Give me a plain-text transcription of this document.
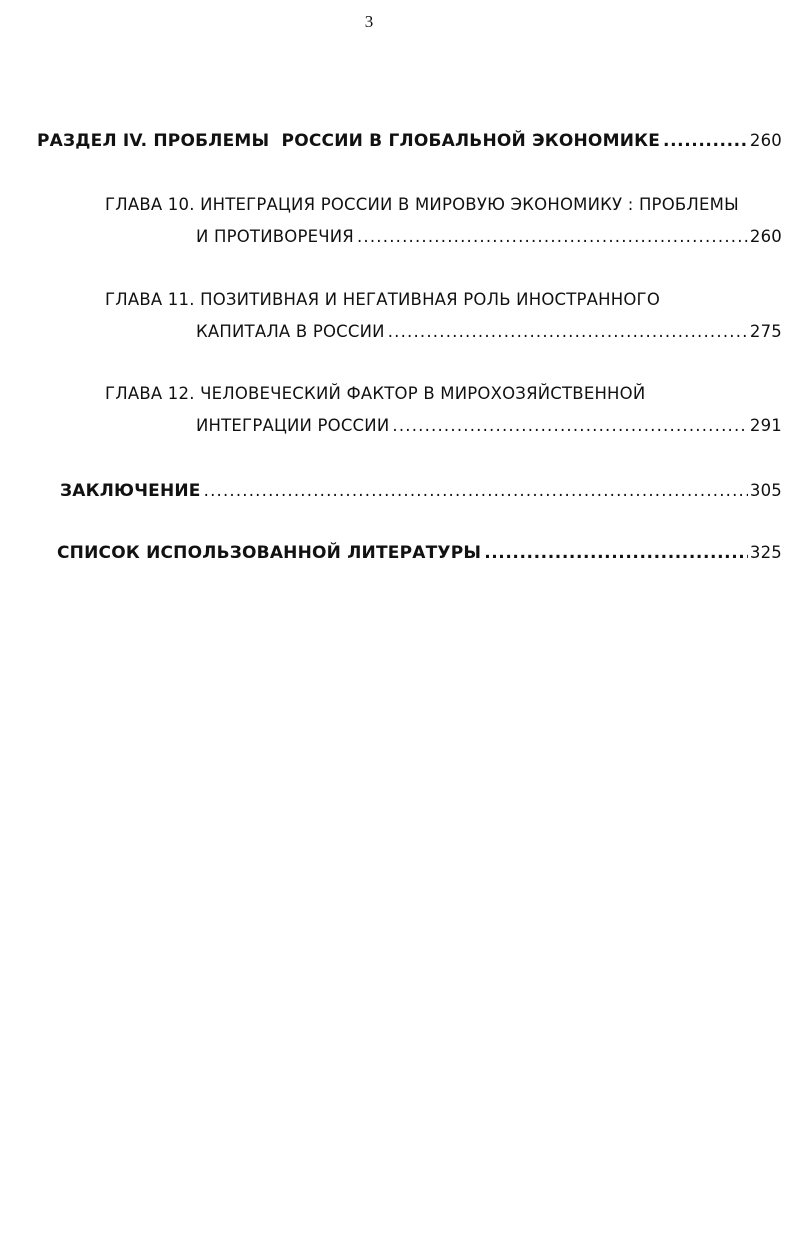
3
РАЗДЕЛ IV. ПРОБЛЕМЫ  РОССИИ В ГЛОБАЛЬНОЙ ЭКОНОМИКЕ .....	260
ГЛАВА 10. ИНТЕГРАЦИЯ РОССИИ В МИРОВУЮ ЭКОНОМИКУ : ПРОБЛЕМЫ
И ПРОТИВОРЕЧИЯ .....	260
ГЛАВА 11. ПОЗИТИВНАЯ И НЕГАТИВНАЯ РОЛЬ ИНОСТРАННОГО
КАПИТАЛА В РОССИИ .....	275
ГЛАВА 12. ЧЕЛОВЕЧЕСКИЙ ФАКТОР В МИРОХОЗЯЙСТВЕННОЙ
ИНТЕГРАЦИИ РОССИИ .....	291
ЗАКЛЮЧЕНИЕ .....	305
СПИСОК ИСПОЛЬЗОВАННОЙ ЛИТЕРАТУРЫ .....	325
